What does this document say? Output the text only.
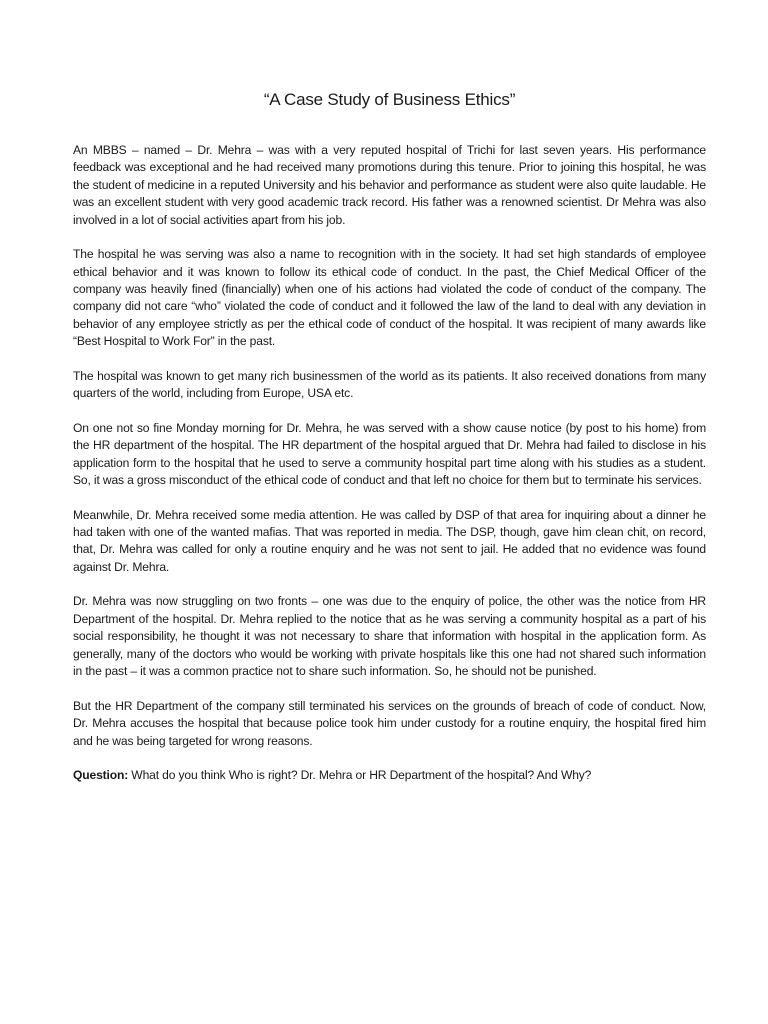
“A Case Study of Business Ethics”

An MBBS – named – Dr. Mehra – was with a very reputed hospital of Trichi for last seven years. His performance feedback was exceptional and he had received many promotions during this tenure. Prior to joining this hospital, he was the student of medicine in a reputed University and his behavior and performance as student were also quite laudable. He was an excellent student with very good academic track record. His father was a renowned scientist. Dr Mehra was also involved in a lot of social activities apart from his job.

The hospital he was serving was also a name to recognition with in the society. It had set high standards of employee ethical behavior and it was known to follow its ethical code of conduct. In the past, the Chief Medical Officer of the company was heavily fined (financially) when one of his actions had violated the code of conduct of the company. The company did not care “who” violated the code of conduct and it followed the law of the land to deal with any deviation in behavior of any employee strictly as per the ethical code of conduct of the hospital. It was recipient of many awards like “Best Hospital to Work For” in the past.

The hospital was known to get many rich businessmen of the world as its patients. It also received donations from many quarters of the world, including from Europe, USA etc.

On one not so fine Monday morning for Dr. Mehra, he was served with a show cause notice (by post to his home) from the HR department of the hospital. The HR department of the hospital argued that Dr. Mehra had failed to disclose in his application form to the hospital that he used to serve a community hospital part time along with his studies as a student. So, it was a gross misconduct of the ethical code of conduct and that left no choice for them but to terminate his services.

Meanwhile, Dr. Mehra received some media attention. He was called by DSP of that area for inquiring about a dinner he had taken with one of the wanted mafias. That was reported in media. The DSP, though, gave him clean chit, on record, that, Dr. Mehra was called for only a routine enquiry and he was not sent to jail. He added that no evidence was found against Dr. Mehra.

Dr. Mehra was now struggling on two fronts – one was due to the enquiry of police, the other was the notice from HR Department of the hospital. Dr. Mehra replied to the notice that as he was serving a community hospital as a part of his social responsibility, he thought it was not necessary to share that information with hospital in the application form. As generally, many of the doctors who would be working with private hospitals like this one had not shared such information in the past – it was a common practice not to share such information. So, he should not be punished.

But the HR Department of the company still terminated his services on the grounds of breach of code of conduct. Now, Dr. Mehra accuses the hospital that because police took him under custody for a routine enquiry, the hospital fired him and he was being targeted for wrong reasons.

Question: What do you think Who is right? Dr. Mehra or HR Department of the hospital? And Why?
